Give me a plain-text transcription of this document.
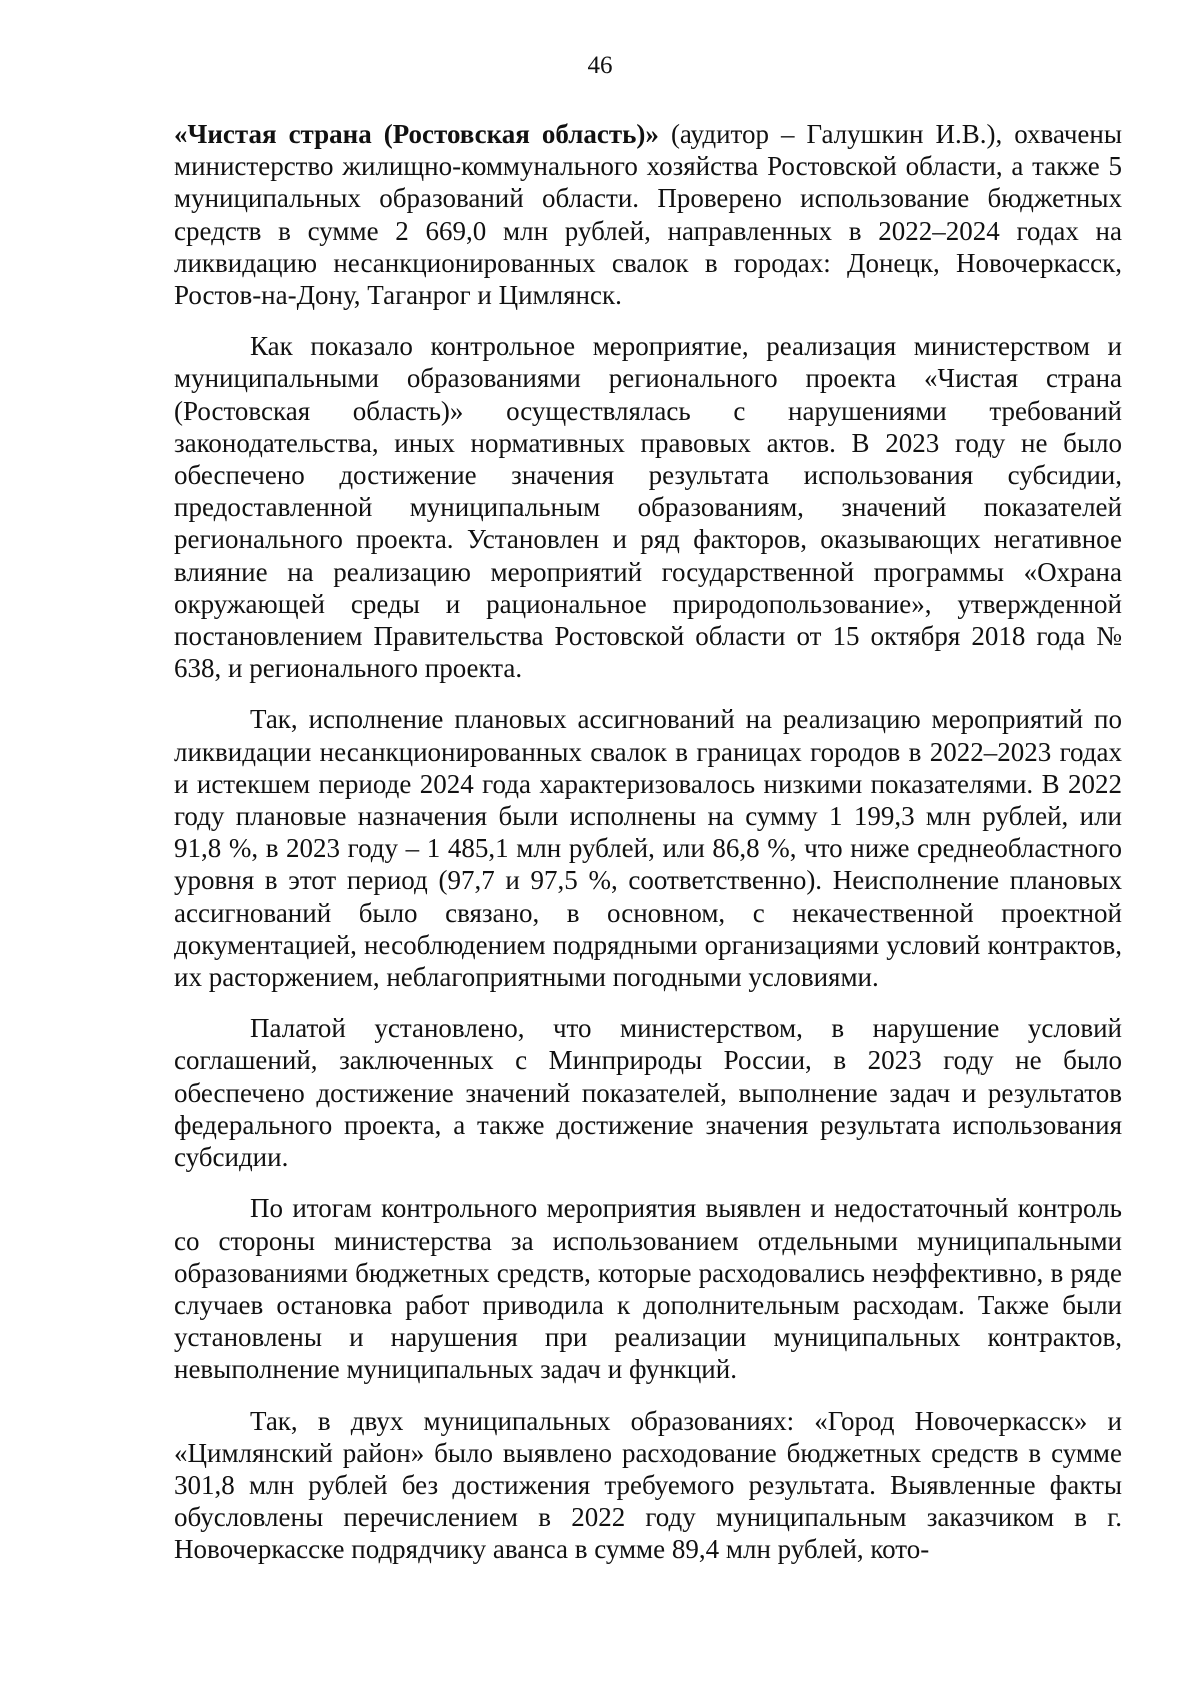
46

«Чистая страна (Ростовская область)» (аудитор – Галушкин И.В.), охвачены министерство жилищно-коммунального хозяйства Ростовской области, а также 5 муниципальных образований области. Проверено использование бюджетных средств в сумме 2 669,0 млн рублей, направленных в 2022–2024 годах на ликвидацию несанкционированных свалок в городах: Донецк, Новочеркасск, Ростов-на-Дону, Таганрог и Цимлянск.

Как показало контрольное мероприятие, реализация министерством и муниципальными образованиями регионального проекта «Чистая страна (Ростовская область)» осуществлялась с нарушениями требований законодательства, иных нормативных правовых актов. В 2023 году не было обеспечено достижение значения результата использования субсидии, предоставленной муниципальным образованиям, значений показателей регионального проекта. Установлен и ряд факторов, оказывающих негативное влияние на реализацию мероприятий государственной программы «Охрана окружающей среды и рациональное природопользование», утвержденной постановлением Правительства Ростовской области от 15 октября 2018 года № 638, и регионального проекта.

Так, исполнение плановых ассигнований на реализацию мероприятий по ликвидации несанкционированных свалок в границах городов в 2022–2023 годах и истекшем периоде 2024 года характеризовалось низкими показателями. В 2022 году плановые назначения были исполнены на сумму 1 199,3 млн рублей, или 91,8 %, в 2023 году – 1 485,1 млн рублей, или 86,8 %, что ниже среднеобластного уровня в этот период (97,7 и 97,5 %, соответственно). Неисполнение плановых ассигнований было связано, в основном, с некачественной проектной документацией, несоблюдением подрядными организациями условий контрактов, их расторжением, неблагоприятными погодными условиями.

Палатой установлено, что министерством, в нарушение условий соглашений, заключенных с Минприроды России, в 2023 году не было обеспечено достижение значений показателей, выполнение задач и результатов федерального проекта, а также достижение значения результата использования субсидии.

По итогам контрольного мероприятия выявлен и недостаточный контроль со стороны министерства за использованием отдельными муниципальными образованиями бюджетных средств, которые расходовались неэффективно, в ряде случаев остановка работ приводила к дополнительным расходам. Также были установлены и нарушения при реализации муниципальных контрактов, невыполнение муниципальных задач и функций.

Так, в двух муниципальных образованиях: «Город Новочеркасск» и «Цимлянский район» было выявлено расходование бюджетных средств в сумме 301,8 млн рублей без достижения требуемого результата. Выявленные факты обусловлены перечислением в 2022 году муниципальным заказчиком в г. Новочеркасске подрядчику аванса в сумме 89,4 млн рублей, кото-
